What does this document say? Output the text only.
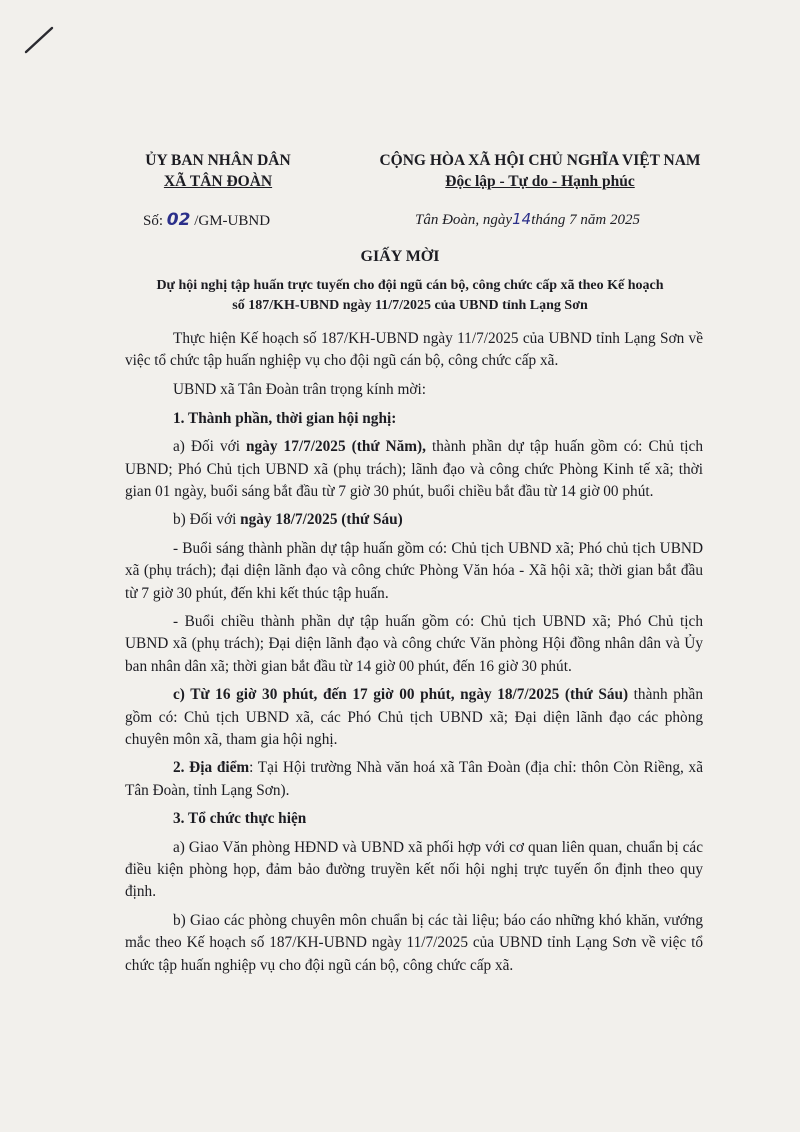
ỦY BAN NHÂN DÂN
XÃ TÂN ĐOÀN
CỘNG HÒA XÃ HỘI CHỦ NGHĨA VIỆT NAM
Độc lập - Tự do - Hạnh phúc
Số: 02 /GM-UBND	Tân Đoàn, ngày14tháng 7 năm 2025
GIẤY MỜI
Dự hội nghị tập huấn trực tuyến cho đội ngũ cán bộ, công chức cấp xã theo Kế hoạch
số 187/KH-UBND ngày 11/7/2025 của UBND tỉnh Lạng Sơn

Thực hiện Kế hoạch số 187/KH-UBND ngày 11/7/2025 của UBND tỉnh Lạng Sơn về việc tổ chức tập huấn nghiệp vụ cho đội ngũ cán bộ, công chức cấp xã.

UBND xã Tân Đoàn trân trọng kính mời:

1. Thành phần, thời gian hội nghị:

a) Đối với ngày 17/7/2025 (thứ Năm), thành phần dự tập huấn gồm có: Chủ tịch UBND; Phó Chủ tịch UBND xã (phụ trách); lãnh đạo và công chức Phòng Kinh tế xã; thời gian 01 ngày, buổi sáng bắt đầu từ 7 giờ 30 phút, buổi chiều bắt đầu từ 14 giờ 00 phút.

b) Đối với ngày 18/7/2025 (thứ Sáu)

- Buổi sáng thành phần dự tập huấn gồm có: Chủ tịch UBND xã; Phó chủ tịch UBND xã (phụ trách); đại diện lãnh đạo và công chức Phòng Văn hóa - Xã hội xã; thời gian bắt đầu từ 7 giờ 30 phút, đến khi kết thúc tập huấn.

- Buổi chiều thành phần dự tập huấn gồm có: Chủ tịch UBND xã; Phó Chủ tịch UBND xã (phụ trách); Đại diện lãnh đạo và công chức Văn phòng Hội đồng nhân dân và Ủy ban nhân dân xã; thời gian bắt đầu từ 14 giờ 00 phút, đến 16 giờ 30 phút.

c) Từ 16 giờ 30 phút, đến 17 giờ 00 phút, ngày 18/7/2025 (thứ Sáu) thành phần gồm có: Chủ tịch UBND xã, các Phó Chủ tịch UBND xã; Đại diện lãnh đạo các phòng chuyên môn xã, tham gia hội nghị.

2. Địa điểm: Tại Hội trường Nhà văn hoá xã Tân Đoàn (địa chỉ: thôn Còn Riềng, xã Tân Đoàn, tỉnh Lạng Sơn).

3. Tổ chức thực hiện

a) Giao Văn phòng HĐND và UBND xã phối hợp với cơ quan liên quan, chuẩn bị các điều kiện phòng họp, đảm bảo đường truyền kết nối hội nghị trực tuyến ổn định theo quy định.

b) Giao các phòng chuyên môn chuẩn bị các tài liệu; báo cáo những khó khăn, vướng mắc theo Kế hoạch số 187/KH-UBND ngày 11/7/2025 của UBND tỉnh Lạng Sơn về việc tổ chức tập huấn nghiệp vụ cho đội ngũ cán bộ, công chức cấp xã.
